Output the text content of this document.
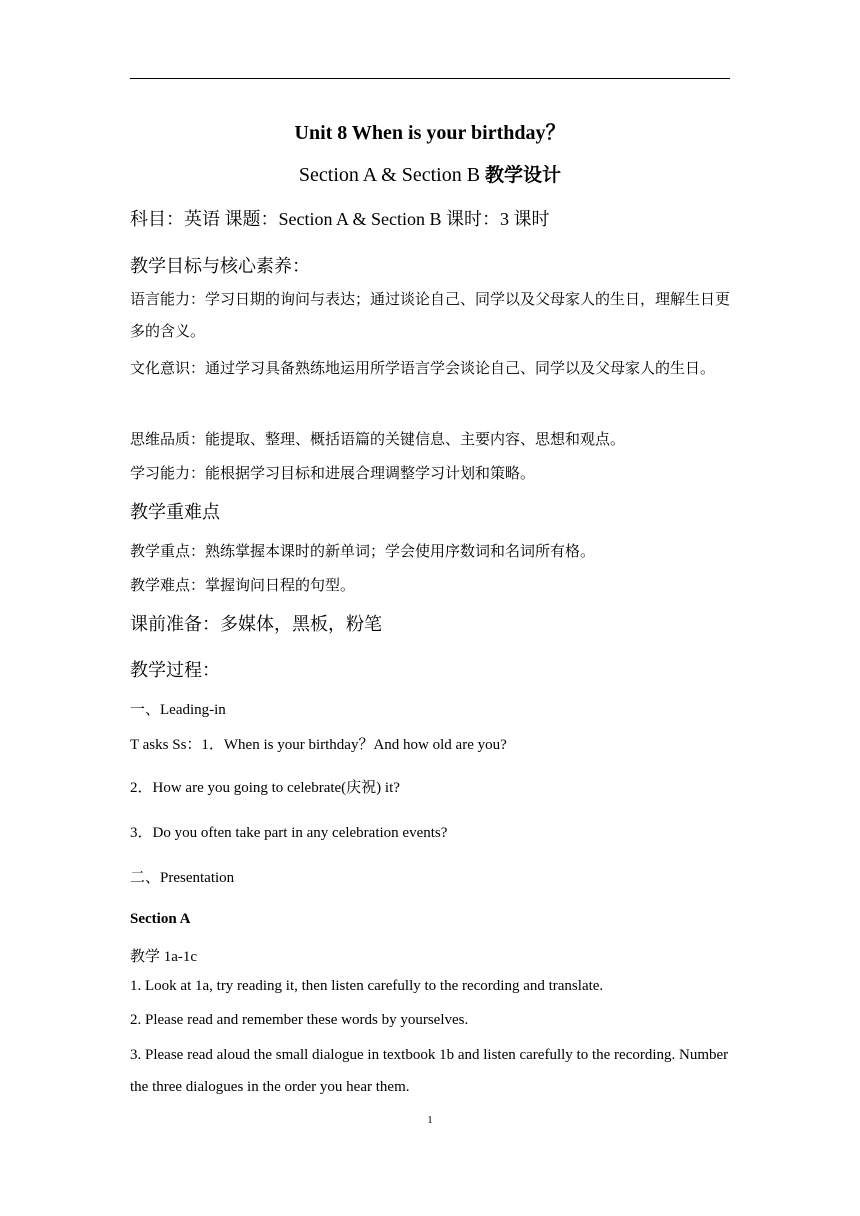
Unit 8 When is your birthday？
Section A & Section B 教学设计
科目：英语 课题：Section A & Section B 课时：3 课时
教学目标与核心素养：
语言能力：学习日期的询问与表达；通过谈论自己、同学以及父母家人的生日，理解生日更多的含义。
文化意识：通过学习具备熟练地运用所学语言学会谈论自己、同学以及父母家人的生日。
思维品质：能提取、整理、概括语篇的关键信息、主要内容、思想和观点。
学习能力：能根据学习目标和进展合理调整学习计划和策略。
教学重难点
教学重点：熟练掌握本课时的新单词；学会使用序数词和名词所有格。
教学难点：掌握询问日程的句型。
课前准备：多媒体，黑板，粉笔
教学过程：
一、Leading-in
T asks Ss：1．When is your birthday？And how old are you?
2．How are you going to celebrate(庆祝) it?
3．Do you often take part in any celebration events?
二、Presentation
Section A
教学 1a-1c
1. Look at 1a, try reading it, then listen carefully to the recording and translate.
2. Please read and remember these words by yourselves.
3. Please read aloud the small dialogue in textbook 1b and listen carefully to the recording. Number the three dialogues in the order you hear them.
1
